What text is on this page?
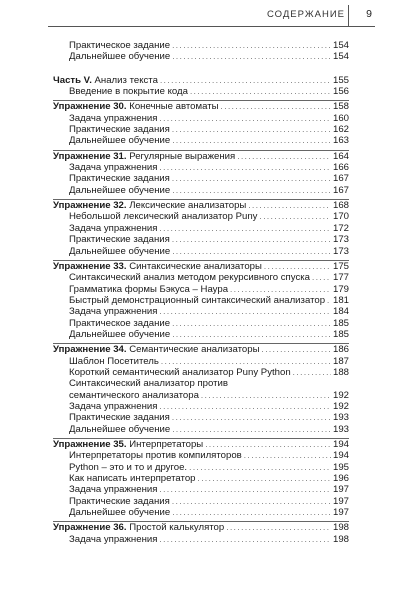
СОДЕРЖАНИЕ 9
Практическое задание .....	154
Дальнейшее обучение .....	154
Часть V. Анализ текста .....	155
Введение в покрытие кода .....	156
Упражнение 30. Конечные автоматы .....	158
Задача упражнения .....	160
Практические задания .....	162
Дальнейшее обучение .....	163
Упражнение 31. Регулярные выражения .....	164
Задача упражнения .....	166
Практические задания .....	167
Дальнейшее обучение .....	167
Упражнение 32. Лексические анализаторы .....	168
Небольшой лексический анализатор Puny .....	170
Задача упражнения .....	172
Практические задания .....	173
Дальнейшее обучение .....	173
Упражнение 33. Синтаксические анализаторы .....	175
Синтаксический анализ методом рекурсивного спуска ..... 177
Грамматика формы Бэкуса – Наура .....	179
Быстрый демонстрационный синтаксический анализатор ..... 181
Задача упражнения .....	184
Практическое задание .....	185
Дальнейшее обучение .....	185
Упражнение 34. Семантические анализаторы .....	186
Шаблон Посетитель .....	187
Короткий семантический анализатор Puny Python .....	188
Синтаксический анализатор против
семантического анализатора .....	192
Задача упражнения .....	192
Практические задания .....	193
Дальнейшее обучение .....	193
Упражнение 35. Интерпретаторы .....	194
Интерпретаторы против компиляторов .....	194
Python – это и то и другое. .....	195
Как написать интерпретатор .....	196
Задача упражнения .....	197
Практические задания .....	197
Дальнейшее обучение .....	197
Упражнение 36. Простой калькулятор .....	198
Задача упражнения .....	198
